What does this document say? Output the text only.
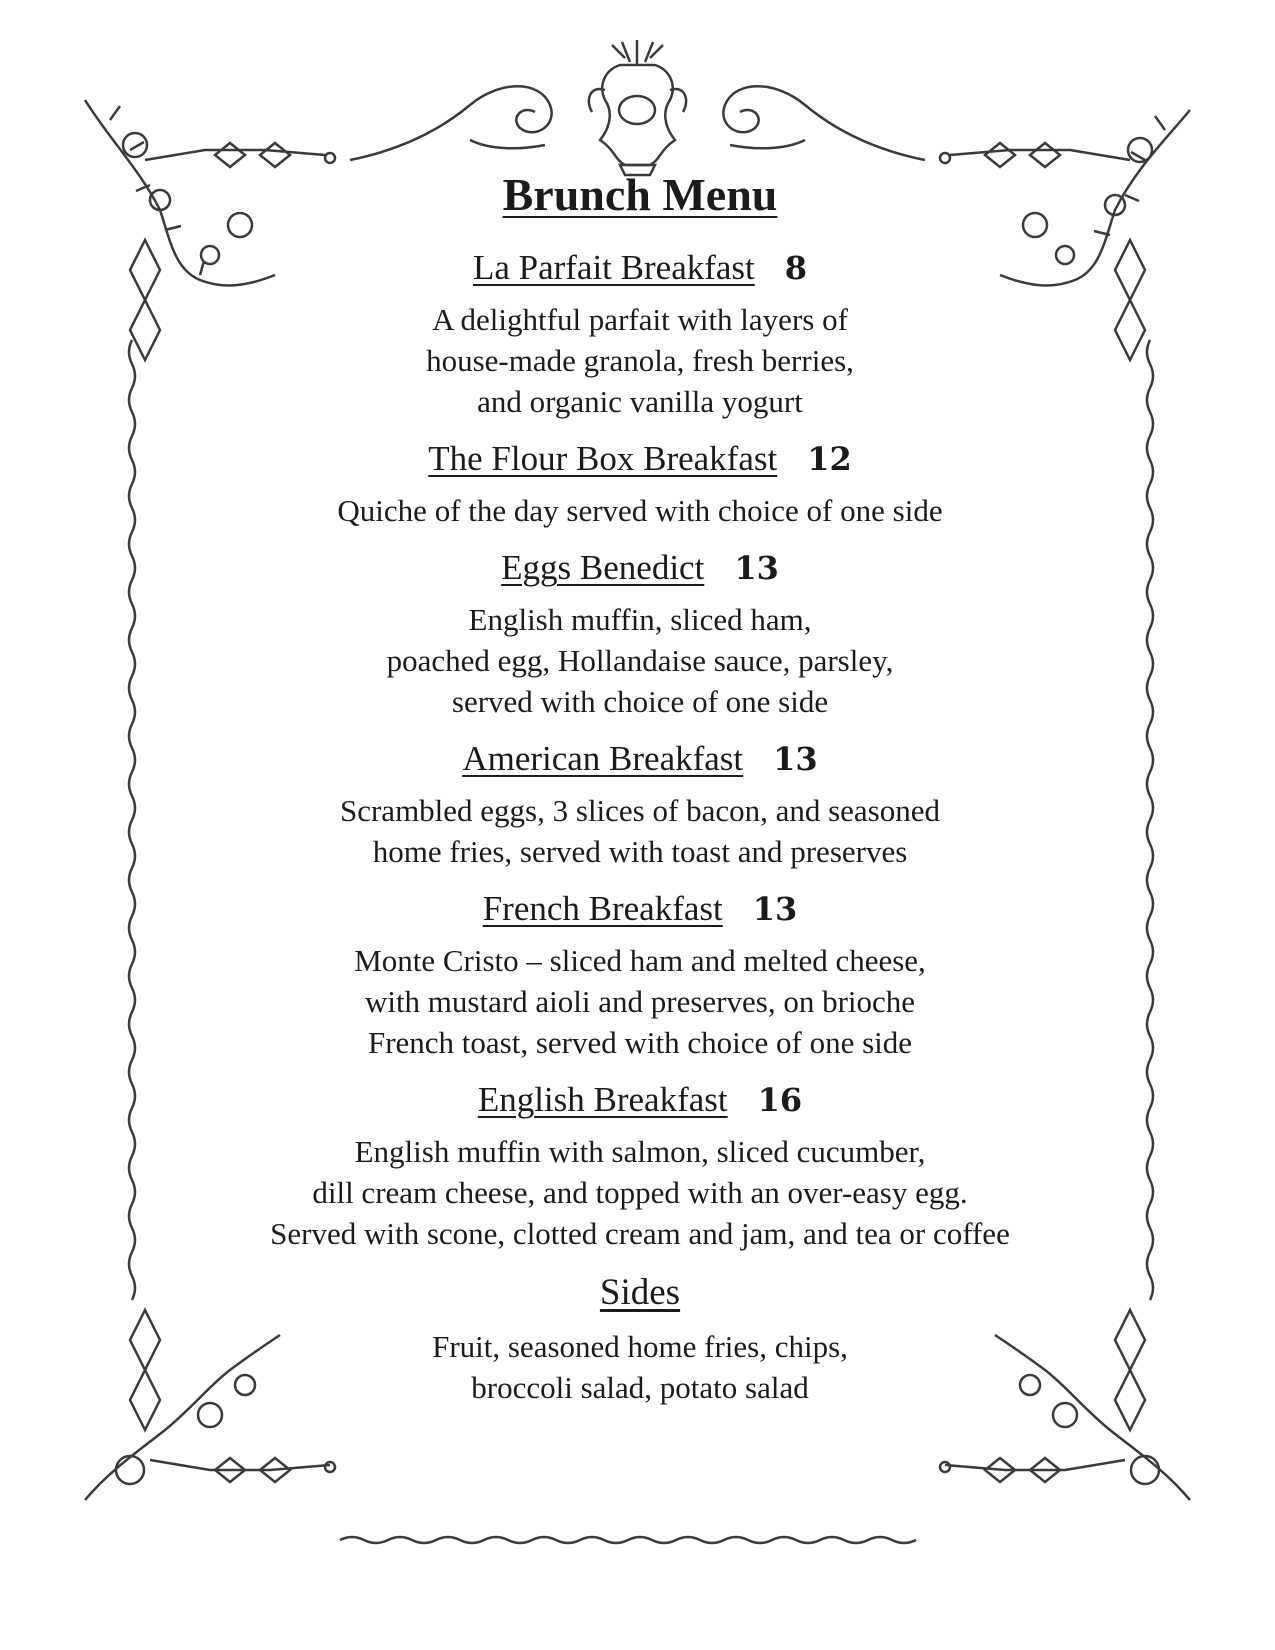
Brunch Menu
La Parfait Breakfast 8
A delightful parfait with layers of
house-made granola, fresh berries,
and organic vanilla yogurt
The Flour Box Breakfast 12
Quiche of the day served with choice of one side
Eggs Benedict 13
English muffin, sliced ham,
poached egg, Hollandaise sauce, parsley,
served with choice of one side
American Breakfast 13
Scrambled eggs, 3 slices of bacon, and seasoned
home fries, served with toast and preserves
French Breakfast 13
Monte Cristo – sliced ham and melted cheese,
with mustard aioli and preserves, on brioche
French toast, served with choice of one side
English Breakfast 16
English muffin with salmon, sliced cucumber,
dill cream cheese, and topped with an over-easy egg.
Served with scone, clotted cream and jam, and tea or coffee
Sides
Fruit, seasoned home fries, chips,
broccoli salad, potato salad
